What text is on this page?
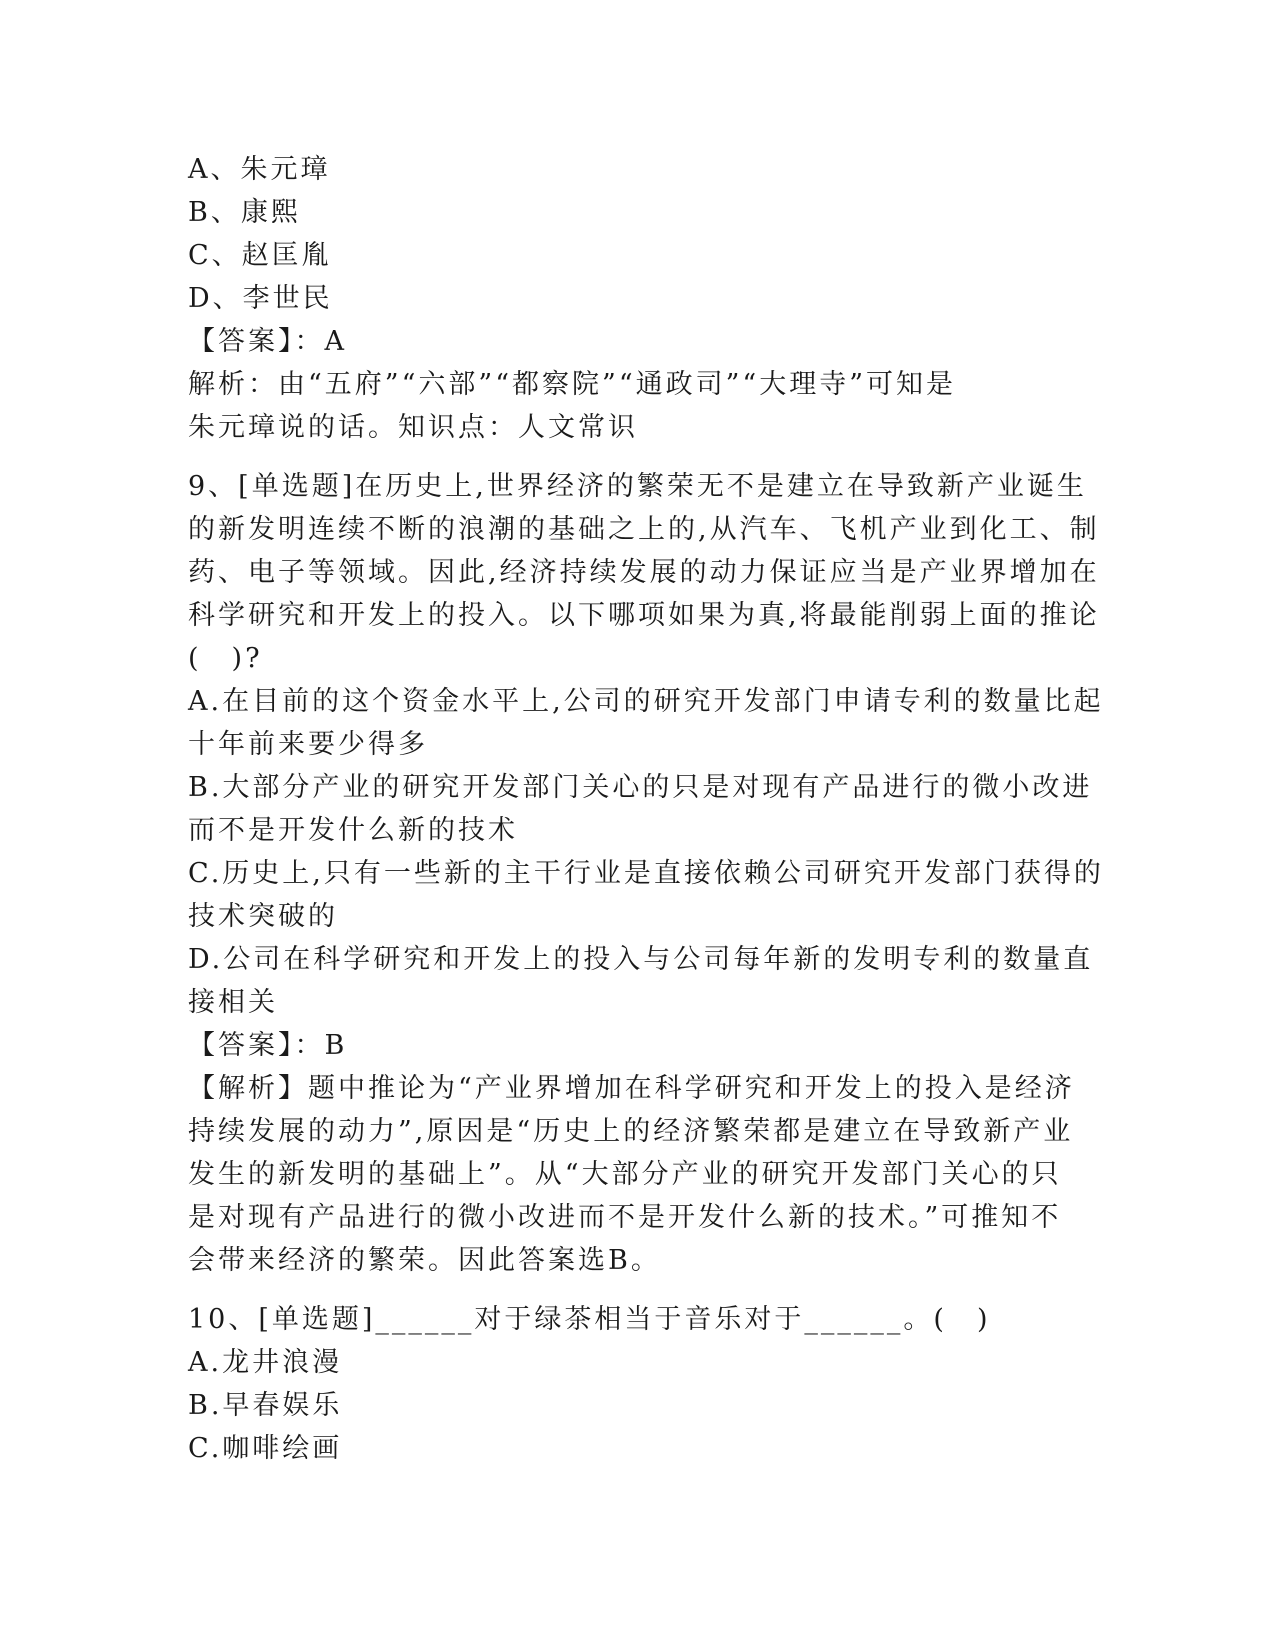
A、朱元璋
B、康熙
C、赵匡胤
D、李世民
【答案】：A
解析：由“五府”“六部”“都察院”“通政司”“大理寺”可知是
朱元璋说的话。知识点：人文常识
9、[单选题]在历史上,世界经济的繁荣无不是建立在导致新产业诞生
的新发明连续不断的浪潮的基础之上的,从汽车、飞机产业到化工、制
药、电子等领域。因此,经济持续发展的动力保证应当是产业界增加在
科学研究和开发上的投入。以下哪项如果为真,将最能削弱上面的推论
(　)?
A.在目前的这个资金水平上,公司的研究开发部门申请专利的数量比起
十年前来要少得多
B.大部分产业的研究开发部门关心的只是对现有产品进行的微小改进
而不是开发什么新的技术
C.历史上,只有一些新的主干行业是直接依赖公司研究开发部门获得的
技术突破的
D.公司在科学研究和开发上的投入与公司每年新的发明专利的数量直
接相关
【答案】：B
【解析】题中推论为“产业界增加在科学研究和开发上的投入是经济
持续发展的动力”,原因是“历史上的经济繁荣都是建立在导致新产业
发生的新发明的基础上”。从“大部分产业的研究开发部门关心的只
是对现有产品进行的微小改进而不是开发什么新的技术。”可推知不
会带来经济的繁荣。因此答案选B。
10、[单选题]______对于绿茶相当于音乐对于______。(　)
A.龙井浪漫
B.早春娱乐
C.咖啡绘画
